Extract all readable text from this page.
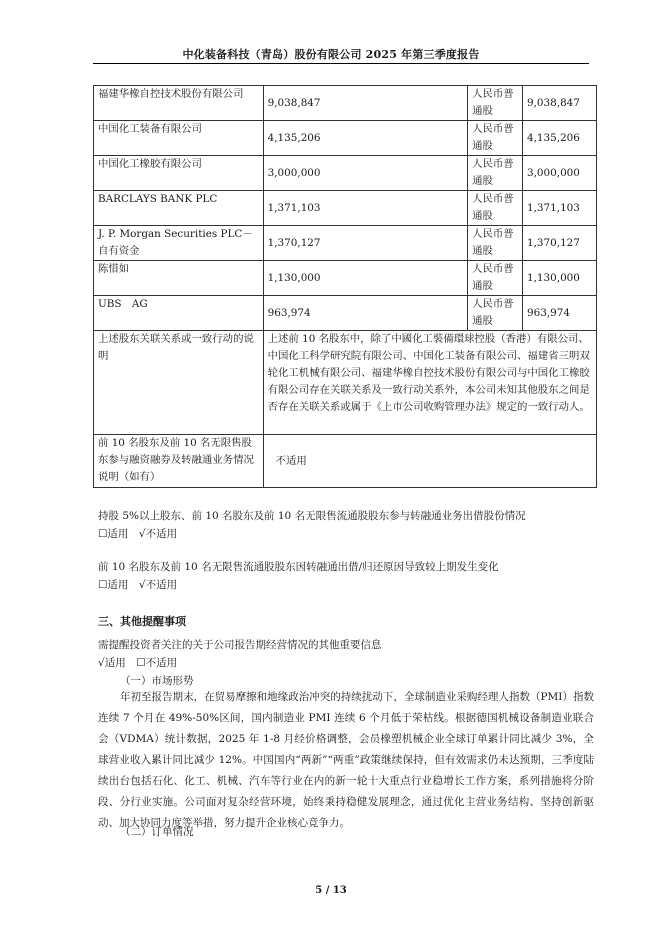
中化装备科技（青岛）股份有限公司 2025 年第三季度报告
福建华橡自控技术股份有限公司	9,038,847	人民币普通股	9,038,847
中国化工装备有限公司	4,135,206	人民币普通股	4,135,206
中国化工橡胶有限公司	3,000,000	人民币普通股	3,000,000
BARCLAYS BANK PLC	1,371,103	人民币普通股	1,371,103
J. P. Morgan Securities PLC－自有资金	1,370,127	人民币普通股	1,370,127
陈惜如	1,130,000	人民币普通股	1,130,000
UBS　AG	963,974	人民币普通股	963,974
上述股东关联关系或一致行动的说明	上述前 10 名股东中，除了中國化工裝備環球控股（香港）有限公司、中国化工科学研究院有限公司、中国化工装备有限公司、福建省三明双轮化工机械有限公司、福建华橡自控技术股份有限公司与中国化工橡胶有限公司存在关联关系及一致行动关系外，本公司未知其他股东之间是否存在关联关系或属于《上市公司收购管理办法》规定的一致行动人。		
前 10 名股东及前 10 名无限售股东参与融资融券及转融通业务情况说明（如有）	不适用		
持股 5%以上股东、前 10 名股东及前 10 名无限售流通股股东参与转融通业务出借股份情况
☐适用　√不适用
前 10 名股东及前 10 名无限售流通股股东因转融通出借/归还原因导致较上期发生变化
☐适用　√不适用
三、其他提醒事项
需提醒投资者关注的关于公司报告期经营情况的其他重要信息
√适用　☐不适用
（一）市场形势
年初至报告期末，在贸易摩擦和地缘政治冲突的持续扰动下，全球制造业采购经理人指数（PMI）指数连续 7 个月在 49%-50%区间，国内制造业 PMI 连续 6 个月低于荣枯线。根据德国机械设备制造业联合会（VDMA）统计数据，2025 年 1-8 月经价格调整，会员橡塑机械企业全球订单累计同比减少 3%，全球营业收入累计同比减少 12%。中国国内“两新”“两重”政策继续保持，但有效需求仍未达预期，三季度陆续出台包括石化、化工、机械、汽车等行业在内的新一轮十大重点行业稳增长工作方案，系列措施将分阶段、分行业实施。公司面对复杂经营环境，始终秉持稳健发展理念，通过优化主营业务结构、坚持创新驱动、加大协同力度等举措，努力提升企业核心竞争力。
（二）订单情况
5 / 13
